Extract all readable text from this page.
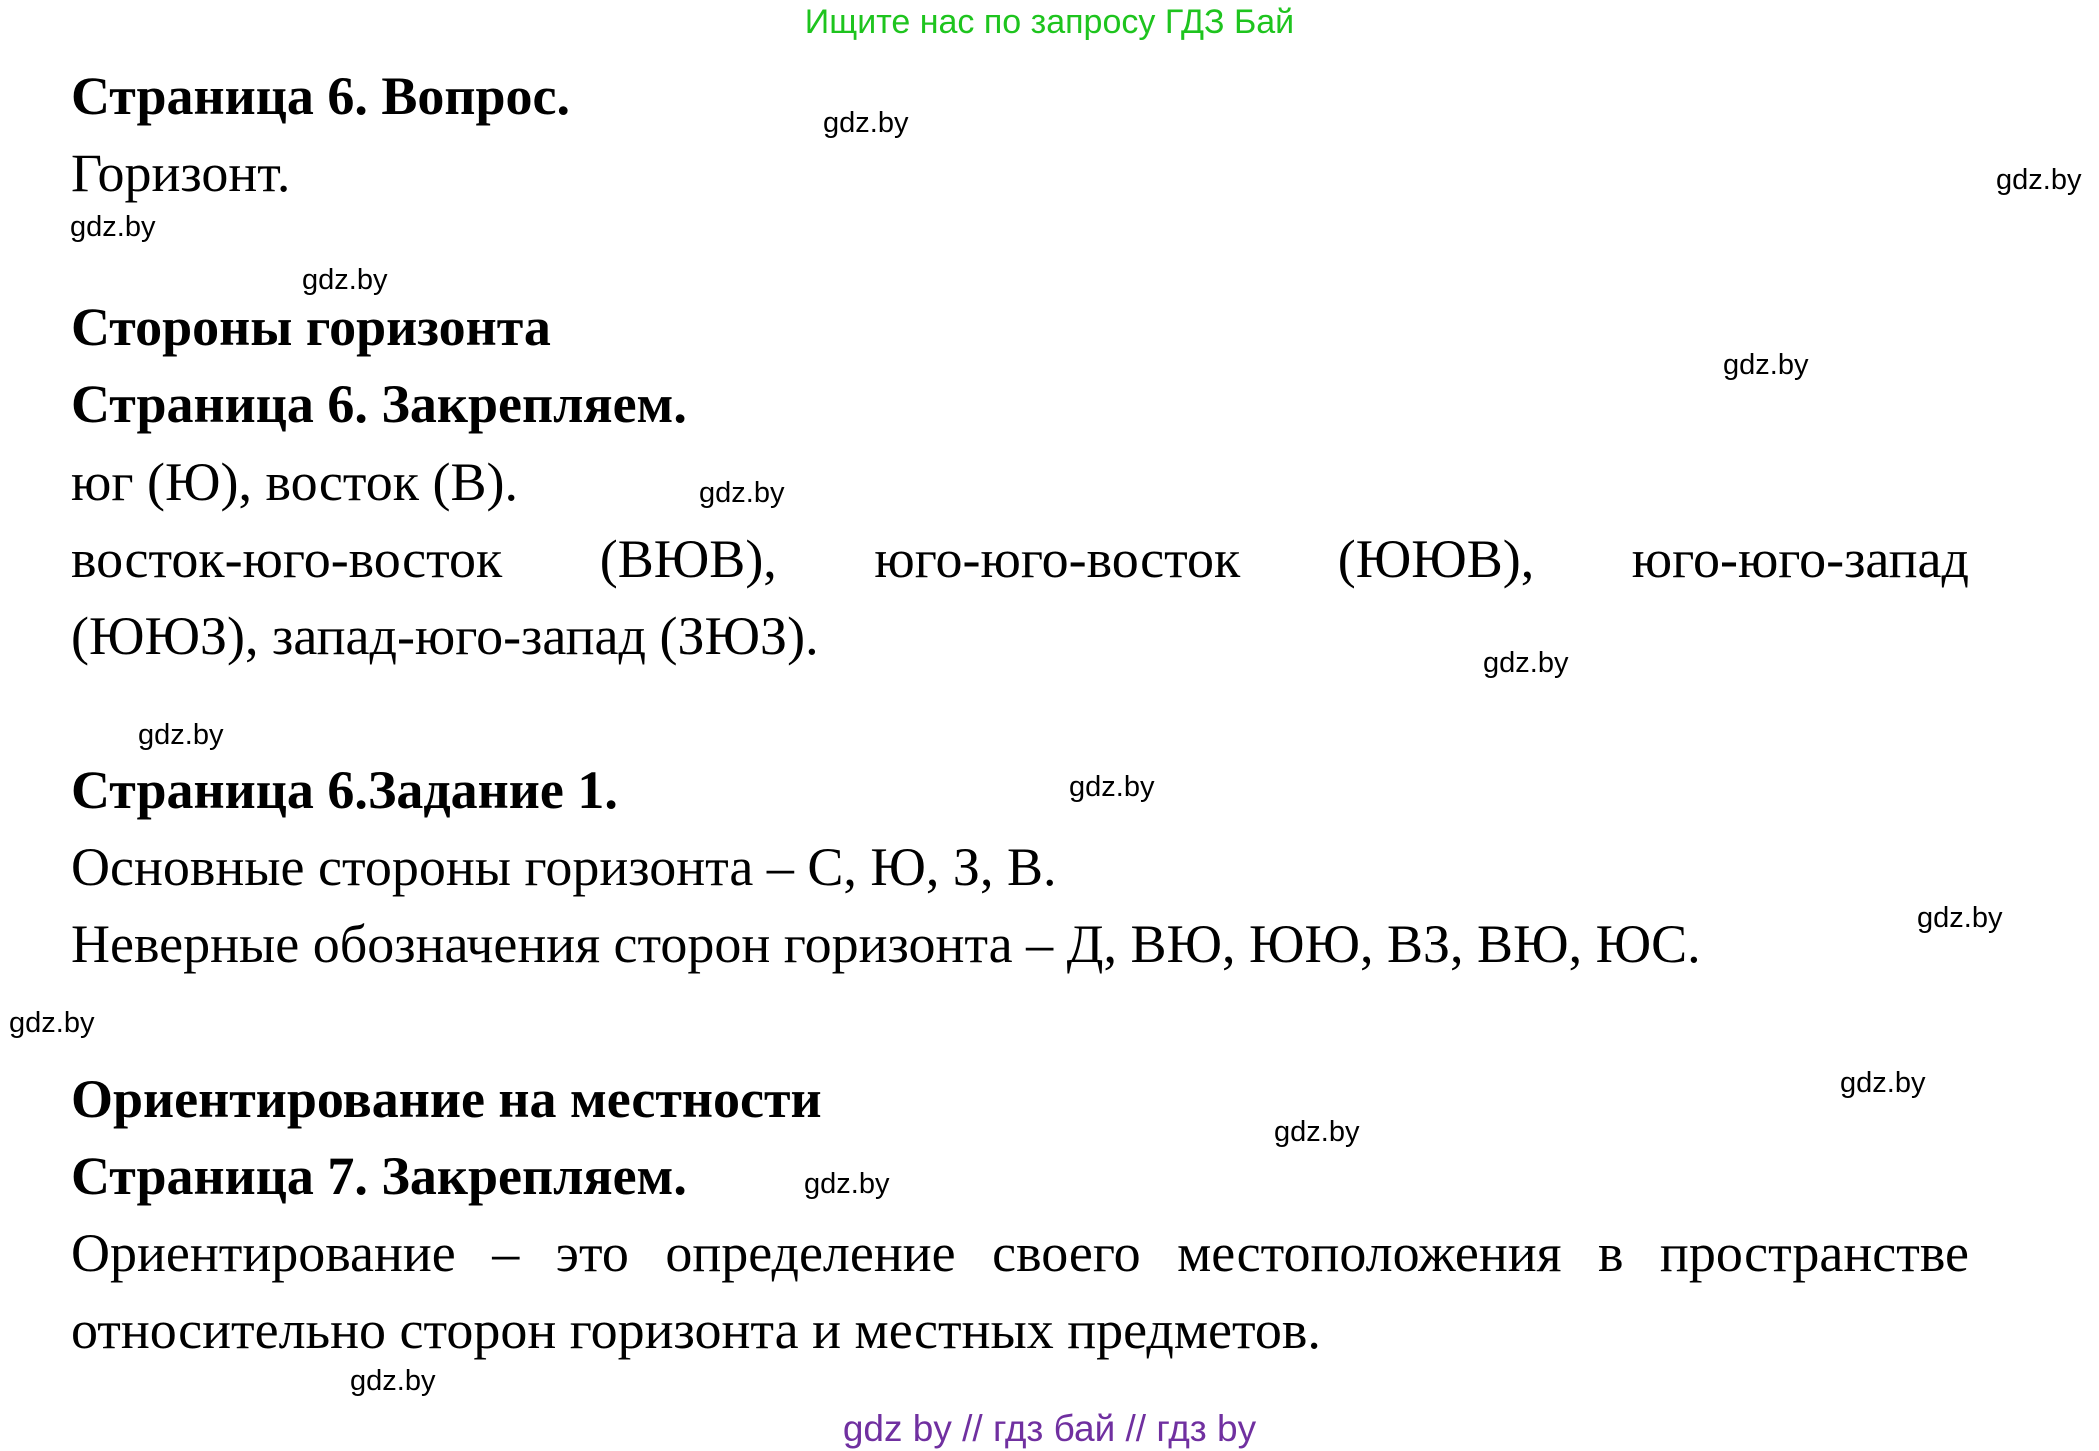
Ищите нас по запросу ГДЗ Бай
Страница 6. Вопрос.
Горизонт.
Стороны горизонта
Страница 6. Закрепляем.
юг (Ю), восток (В).
восток-юго-восток (ВЮВ), юго-юго-восток (ЮЮВ), юго-юго-запад
(ЮЮЗ), запад-юго-запад (ЗЮЗ).
Страница 6.Задание 1.
Основные стороны горизонта – С, Ю, З, В.
Неверные обозначения сторон горизонта – Д, ВЮ, ЮЮ, ВЗ, ВЮ, ЮС.
Ориентирование на местности
Страница 7. Закрепляем.
Ориентирование – это определение своего местоположения в пространстве
относительно сторон горизонта и местных предметов.
gdz.by
gdz.by
gdz.by
gdz.by
gdz.by
gdz.by
gdz.by
gdz.by
gdz.by
gdz.by
gdz.by
gdz.by
gdz.by
gdz.by
gdz.by
gdz by // гдз бай // гдз by
